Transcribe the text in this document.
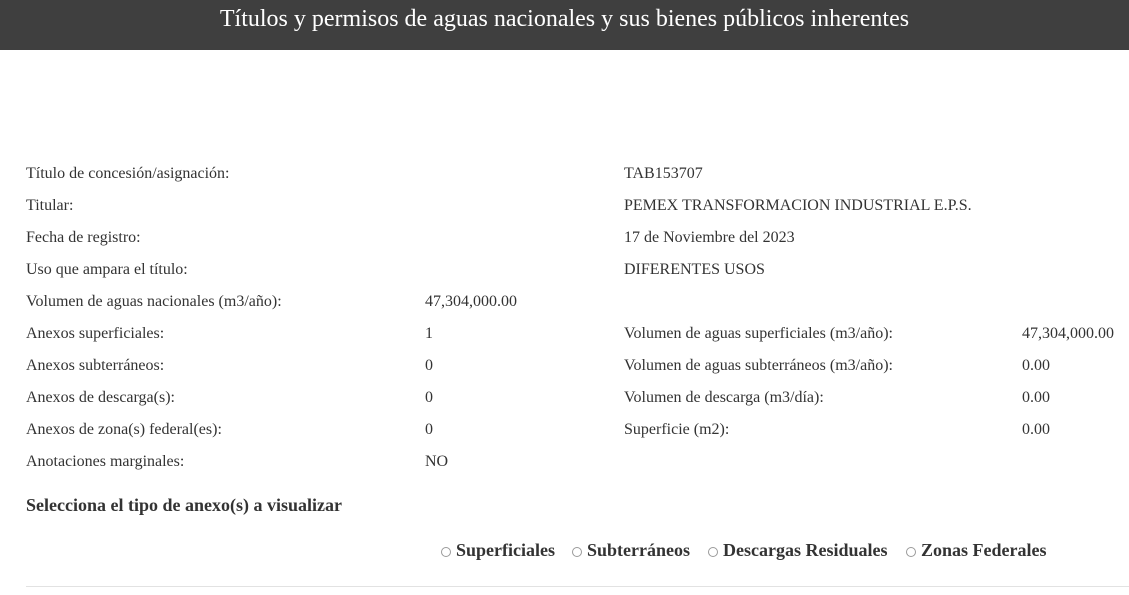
Títulos y permisos de aguas nacionales y sus bienes públicos inherentes
Título de concesión/asignación:	TAB153707
Titular:	PEMEX TRANSFORMACION INDUSTRIAL E.P.S.
Fecha de registro:	17 de Noviembre del 2023
Uso que ampara el título:	DIFERENTES USOS
Volumen de aguas nacionales (m3/año):	47,304,000.00
Anexos superficiales:	1	Volumen de aguas superficiales (m3/año):	47,304,000.00
Anexos subterráneos:	0	Volumen de aguas subterráneos (m3/año):	0.00
Anexos de descarga(s):	0	Volumen de descarga (m3/día):	0.00
Anexos de zona(s) federal(es):	0	Superficie (m2):	0.00
Anotaciones marginales:	NO
Selecciona el tipo de anexo(s) a visualizar
Superficiales Subterráneos Descargas Residuales Zonas Federales
